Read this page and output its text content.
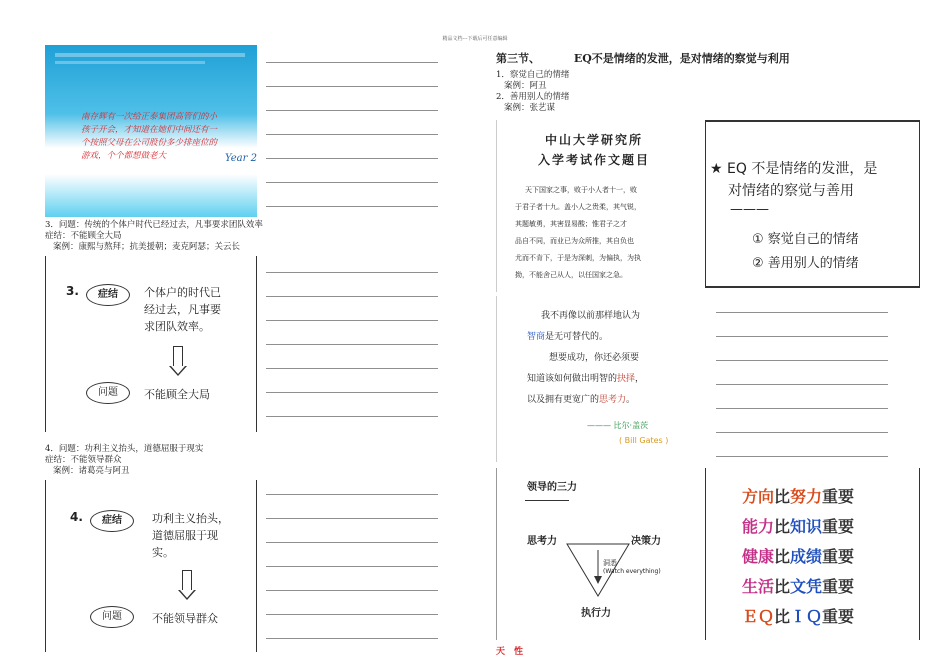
精品文档---下载后可任意编辑
南存辉有一次给正泰集团高管们的小
孩子开会，才知道在她们中间还有一
个按照父母在公司股份多少排座位的
游戏，个个都想做老大	Year 2
3．问题：传统的个体户时代已经过去，凡事要求团队效率
症结：不能顾全大局
案例：康熙与熬拜；抗美援朝；麦克阿瑟；关云长
3.	症结	个体户的时代已
经过去，凡事要
求团队效率。
问题	不能顾全大局
4．问题：功利主义抬头，道德屈服于现实
症结：不能领导群众
案例：诸葛亮与阿丑
4.	症结	功利主义抬头，
道德屈服于现
实。
问题	不能领导群众
第三节、	EQ不是情绪的发泄，是对情绪的察觉与利用
1．察觉自己的情绪
案例：阿丑
2．善用别人的情绪
案例：张艺谋
中山大学研究所
入学考试作文题目
天下国家之事，败于小人者十一，败
于君子者十九。盖小人之贵柔，其气锐，
其题敏勇，其害显易酸；惟君子之才
品自不同，而业已为众所推，其自负也
尤而不肯下，于是为深刺，为偏执，为执
拗，不能舍己从人，以任国家之急。
★ EQ 不是情绪的发泄，是
对情绪的察觉与善用
———
① 察觉自己的情绪
② 善用别人的情绪
我不再像以前那样地认为
智商是无可替代的。
想要成功，你还必须要
知道该如何做出明智的抉择，
以及拥有更宽广的思考力。
——— 比尔·盖茨
( Bill Gates )
领导的三力
思考力	决策力
洞悉
(Watch everything)
执行力
方向比努力重要
能力比知识重要
健康比成绩重要
生活比文凭重要
ＥＱ比ＩＱ重要
天　性
